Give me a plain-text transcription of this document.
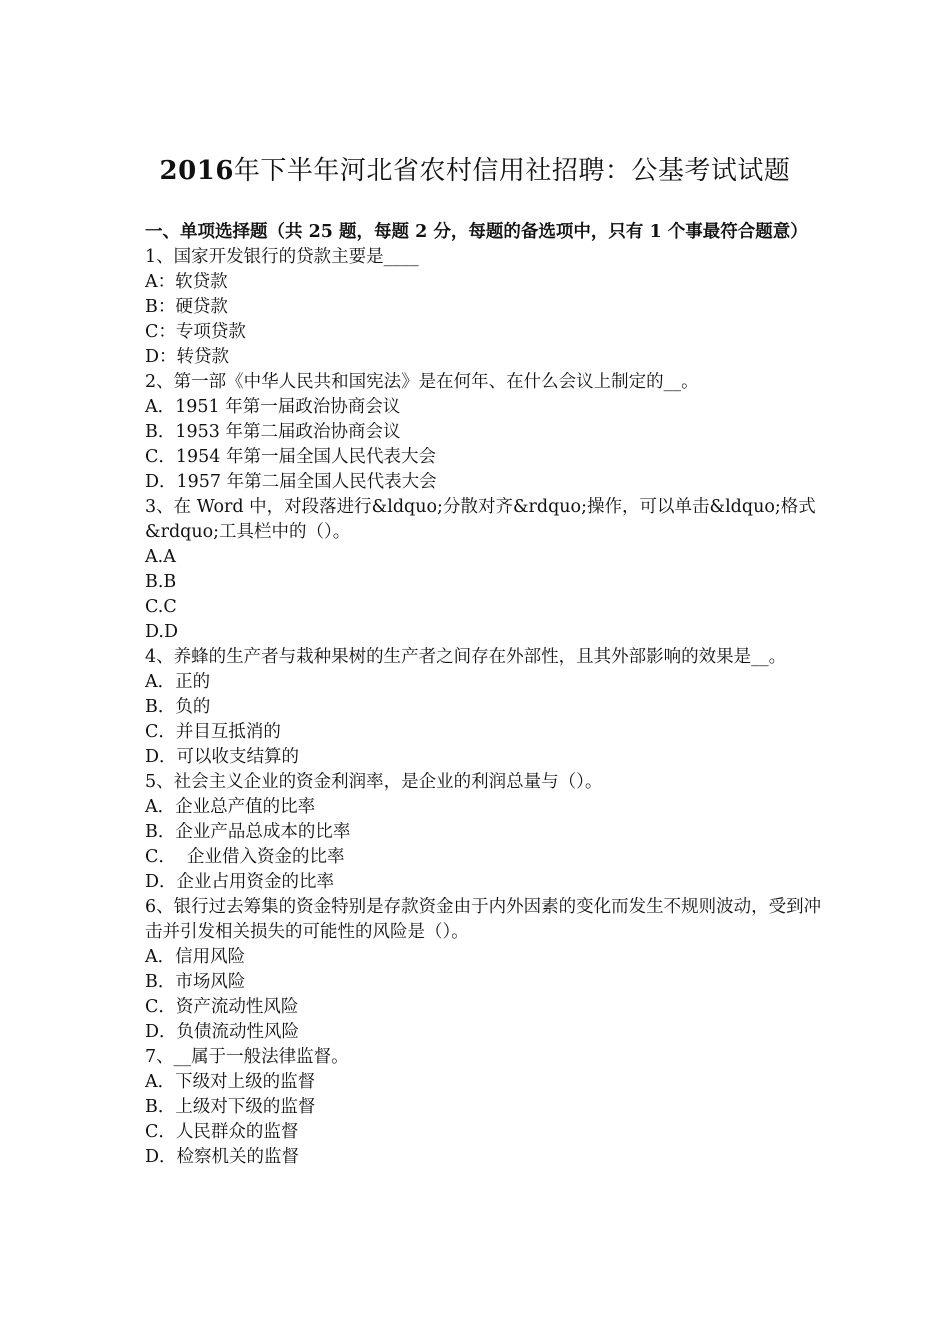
2016年下半年河北省农村信用社招聘：公基考试试题
一、单项选择题（共 25 题，每题 2 分，每题的备选项中，只有 1 个事最符合题意）
1、国家开发银行的贷款主要是____
A：软贷款
B：硬贷款
C：专项贷款
D：转贷款
2、第一部《中华人民共和国宪法》是在何年、在什么会议上制定的__。
A．1951 年第一届政治协商会议
B．1953 年第二届政治协商会议
C．1954 年第一届全国人民代表大会
D．1957 年第二届全国人民代表大会
3、在 Word 中，对段落进行&ldquo;分散对齐&rdquo;操作，可以单击&ldquo;格式&rdquo;工具栏中的（）。
A.A
B.B
C.C
D.D
4、养蜂的生产者与栽种果树的生产者之间存在外部性，且其外部影响的效果是__。
A．正的
B．负的
C．并目互抵消的
D．可以收支结算的
5、社会主义企业的资金利润率，是企业的利润总量与（）。
A．企业总产值的比率
B．企业产品总成本的比率
C．  企业借入资金的比率
D．企业占用资金的比率
6、银行过去筹集的资金特别是存款资金由于内外因素的变化而发生不规则波动，受到冲击并引发相关损失的可能性的风险是（）。
A．信用风险
B．市场风险
C．资产流动性风险
D．负债流动性风险
7、__属于一般法律监督。
A．下级对上级的监督
B．上级对下级的监督
C．人民群众的监督
D．检察机关的监督
